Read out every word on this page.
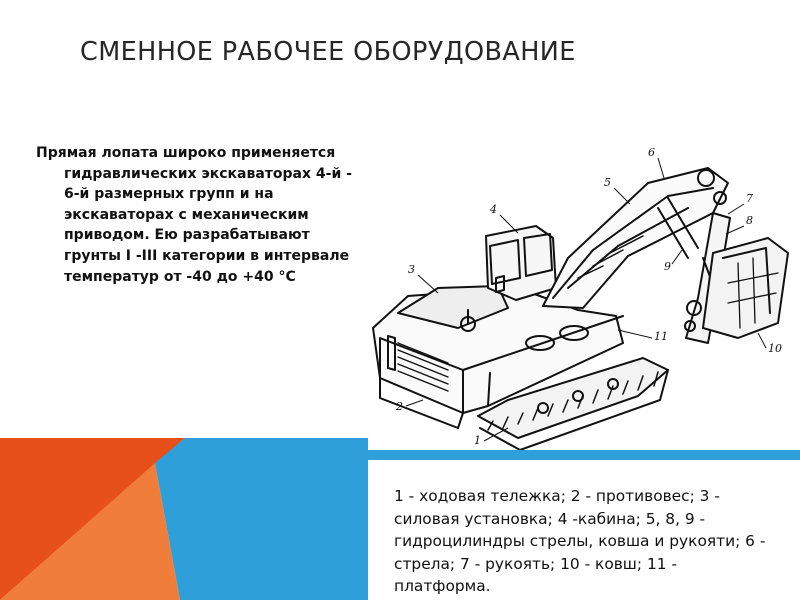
СМЕННОЕ РАБОЧЕЕ ОБОРУДОВАНИЕ
Прямая лопата широко применяется
гидравлических экскаваторах 4-й -
6-й размерных групп и на
экскаваторах с механическим
приводом. Ею разрабатывают
грунты I -III категории в интервале
температур от -40 до +40 °С
1
2
3
4
5
6
7
8
9
10
11
1 - ходовая тележка; 2 - противовес; 3 - силовая установка; 4 -кабина; 5, 8, 9 - гидроцилиндры стрелы, ковша и рукояти; 6 - стрела; 7 - рукоять; 10 - ковш; 11 - платформа.
